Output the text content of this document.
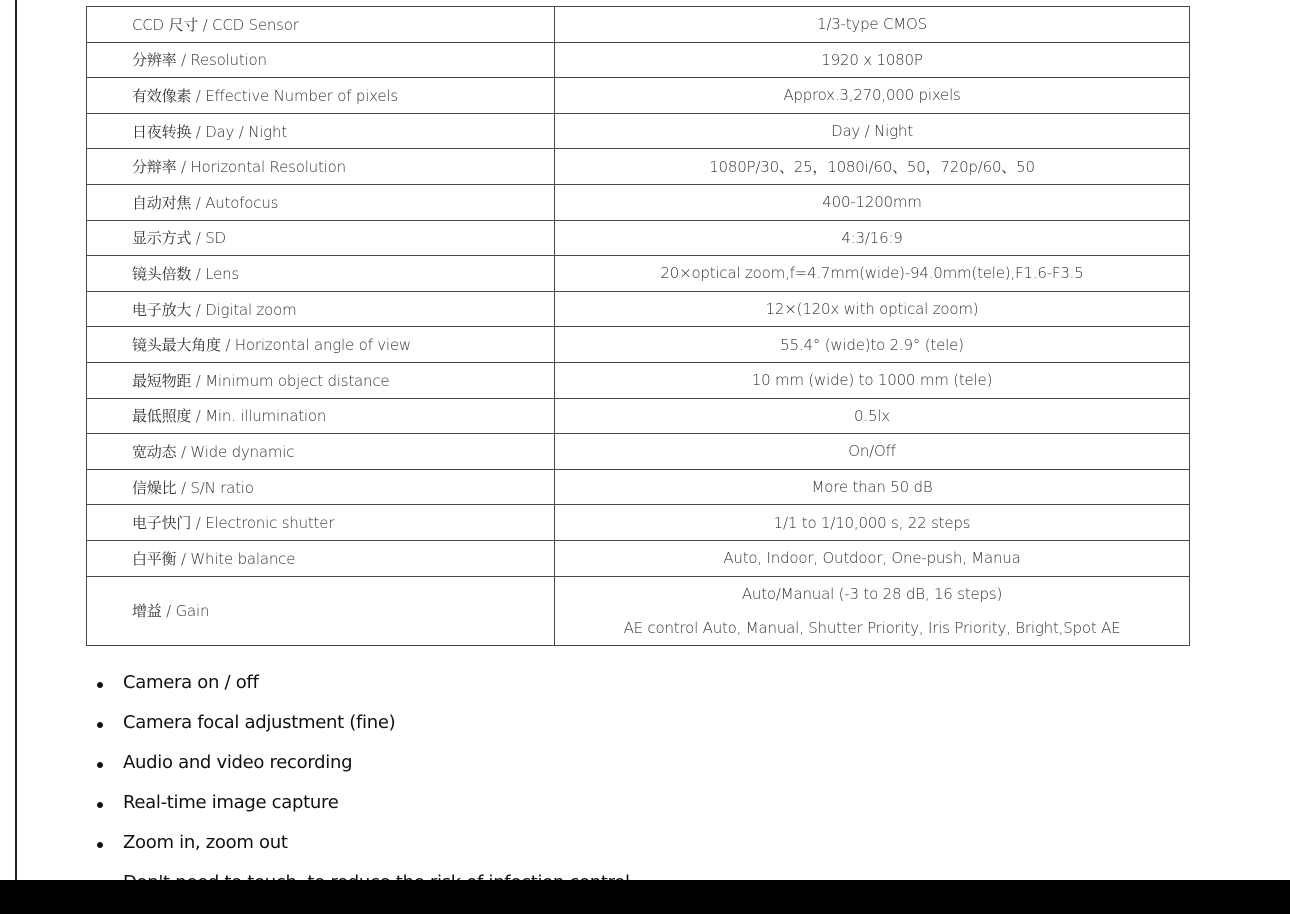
CCD 尺寸 / CCD Sensor	1/3-type CMOS
分辨率 / Resolution	1920 x 1080P
有效像素 / Effective Number of pixels	Approx.3,270,000 pixels
日夜转换 / Day / Night	Day / Night
分辩率 / Horizontal Resolution	1080P/30、25，1080i/60、50，720p/60、50
自动对焦 / Autofocus	400-1200mm
显示方式 / SD	4:3/16:9
镜头倍数 / Lens	20×optical zoom,f=4.7mm(wide)-94.0mm(tele),F1.6-F3.5
电子放大 / Digital zoom	12×(120x with optical zoom)
镜头最大角度 / Horizontal angle of view	55.4° (wide)to 2.9° (tele)
最短物距 / Minimum object distance	10 mm (wide) to 1000 mm (tele)
最低照度 / Min. illumination	0.5lx
宽动态 / Wide dynamic	On/Off
信燥比 / S/N ratio	More than 50 dB
电子快门 / Electronic shutter	1/1 to 1/10,000 s, 22 steps
白平衡 / White balance	Auto, Indoor, Outdoor, One-push, Manua
增益 / Gain	Auto/Manual (-3 to 28 dB, 16 steps)
AE control Auto, Manual, Shutter Priority, Iris Priority, Bright,Spot AE
Camera on / off
Camera focal adjustment (fine)
Audio and video recording
Real-time image capture
Zoom in, zoom out
